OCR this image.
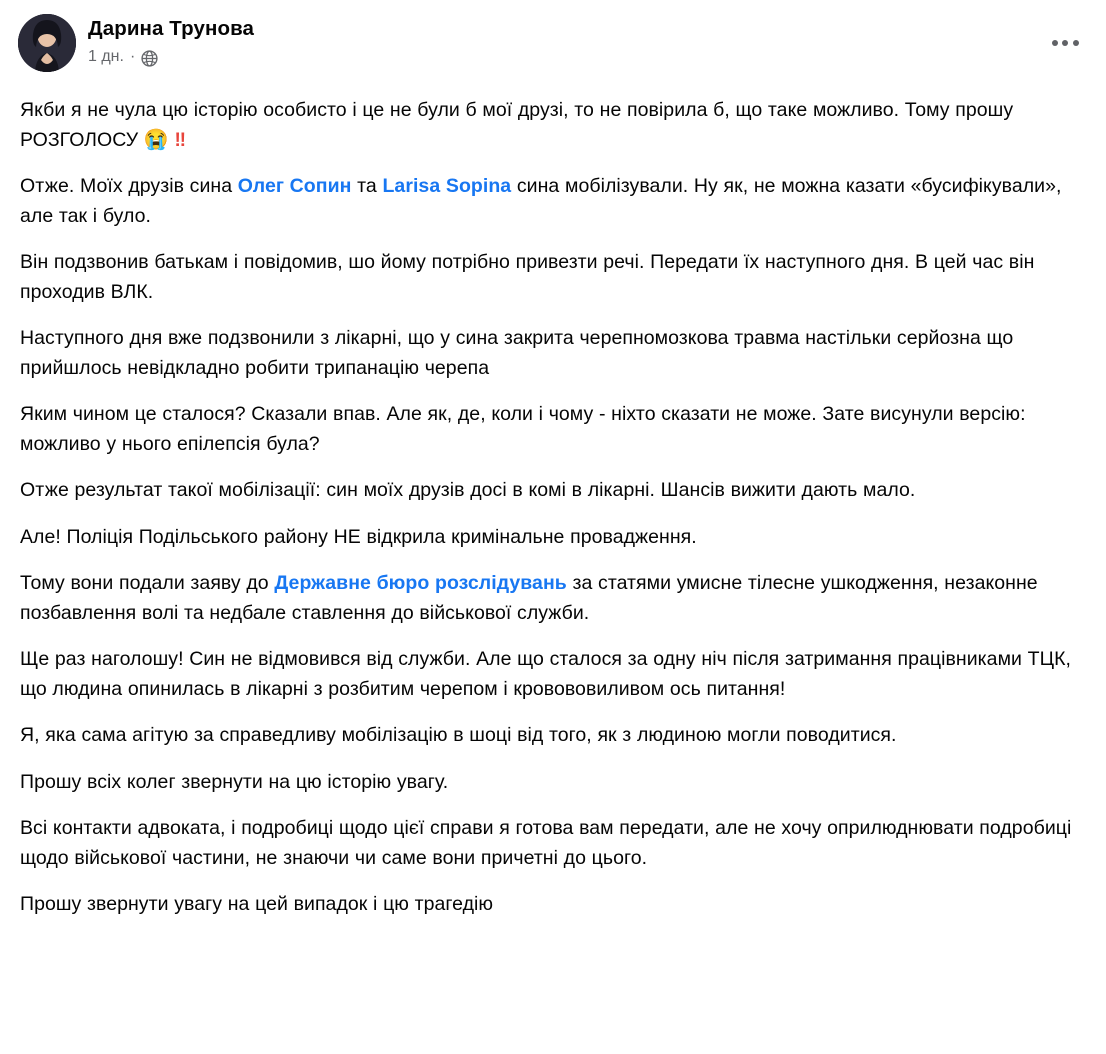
Дарина Трунова
1 дн. ·
Якби я не чула цю історію особисто і це не були б мої друзі, то не повірила б, що таке можливо. Тому прошу РОЗГОЛОСУ 😭 ‼
Отже. Моїх друзів сина Олег Сопин та Larisa Sopina сина мобілізували. Ну як, не можна казати «бусифікували», але так і було.
Він подзвонив батькам і повідомив, шо йому потрібно привезти речі. Передати їх наступного дня. В цей час він проходив ВЛК.
Наступного дня вже подзвонили з лікарні, що у сина закрита черепномозкова травма настільки серйозна що прийшлось невідкладно робити трипанацію черепа
Яким чином це сталося? Сказали впав. Але як, де, коли і чому - ніхто сказати не може. Зате висунули версію: можливо у нього епілепсія була?
Отже результат такої мобілізації: син моїх друзів досі в комі в лікарні. Шансів вижити дають мало.
Але! Поліція Подільського району НЕ відкрила кримінальне провадження.
Тому вони подали заяву до Державне бюро розслідувань за статями умисне тілесне ушкодження, незаконне позбавлення волі та недбале ставлення до військової служби.
Ще раз наголошу! Син не відмовився від служби. Але що сталося за одну ніч після затримання працівниками ТЦК, що людина опинилась в лікарні з розбитим черепом і кровововиливом ось питання!
Я, яка сама агітую за справедливу мобілізацію в шоці від того, як з людиною могли поводитися.
Прошу всіх колег звернути на цю історію увагу.
Всі контакти адвоката, і подробиці щодо цієї справи я готова вам передати, але не хочу оприлюднювати подробиці щодо військової частини, не знаючи чи саме вони причетні до цього.
Прошу звернути увагу на цей випадок і цю трагедію
